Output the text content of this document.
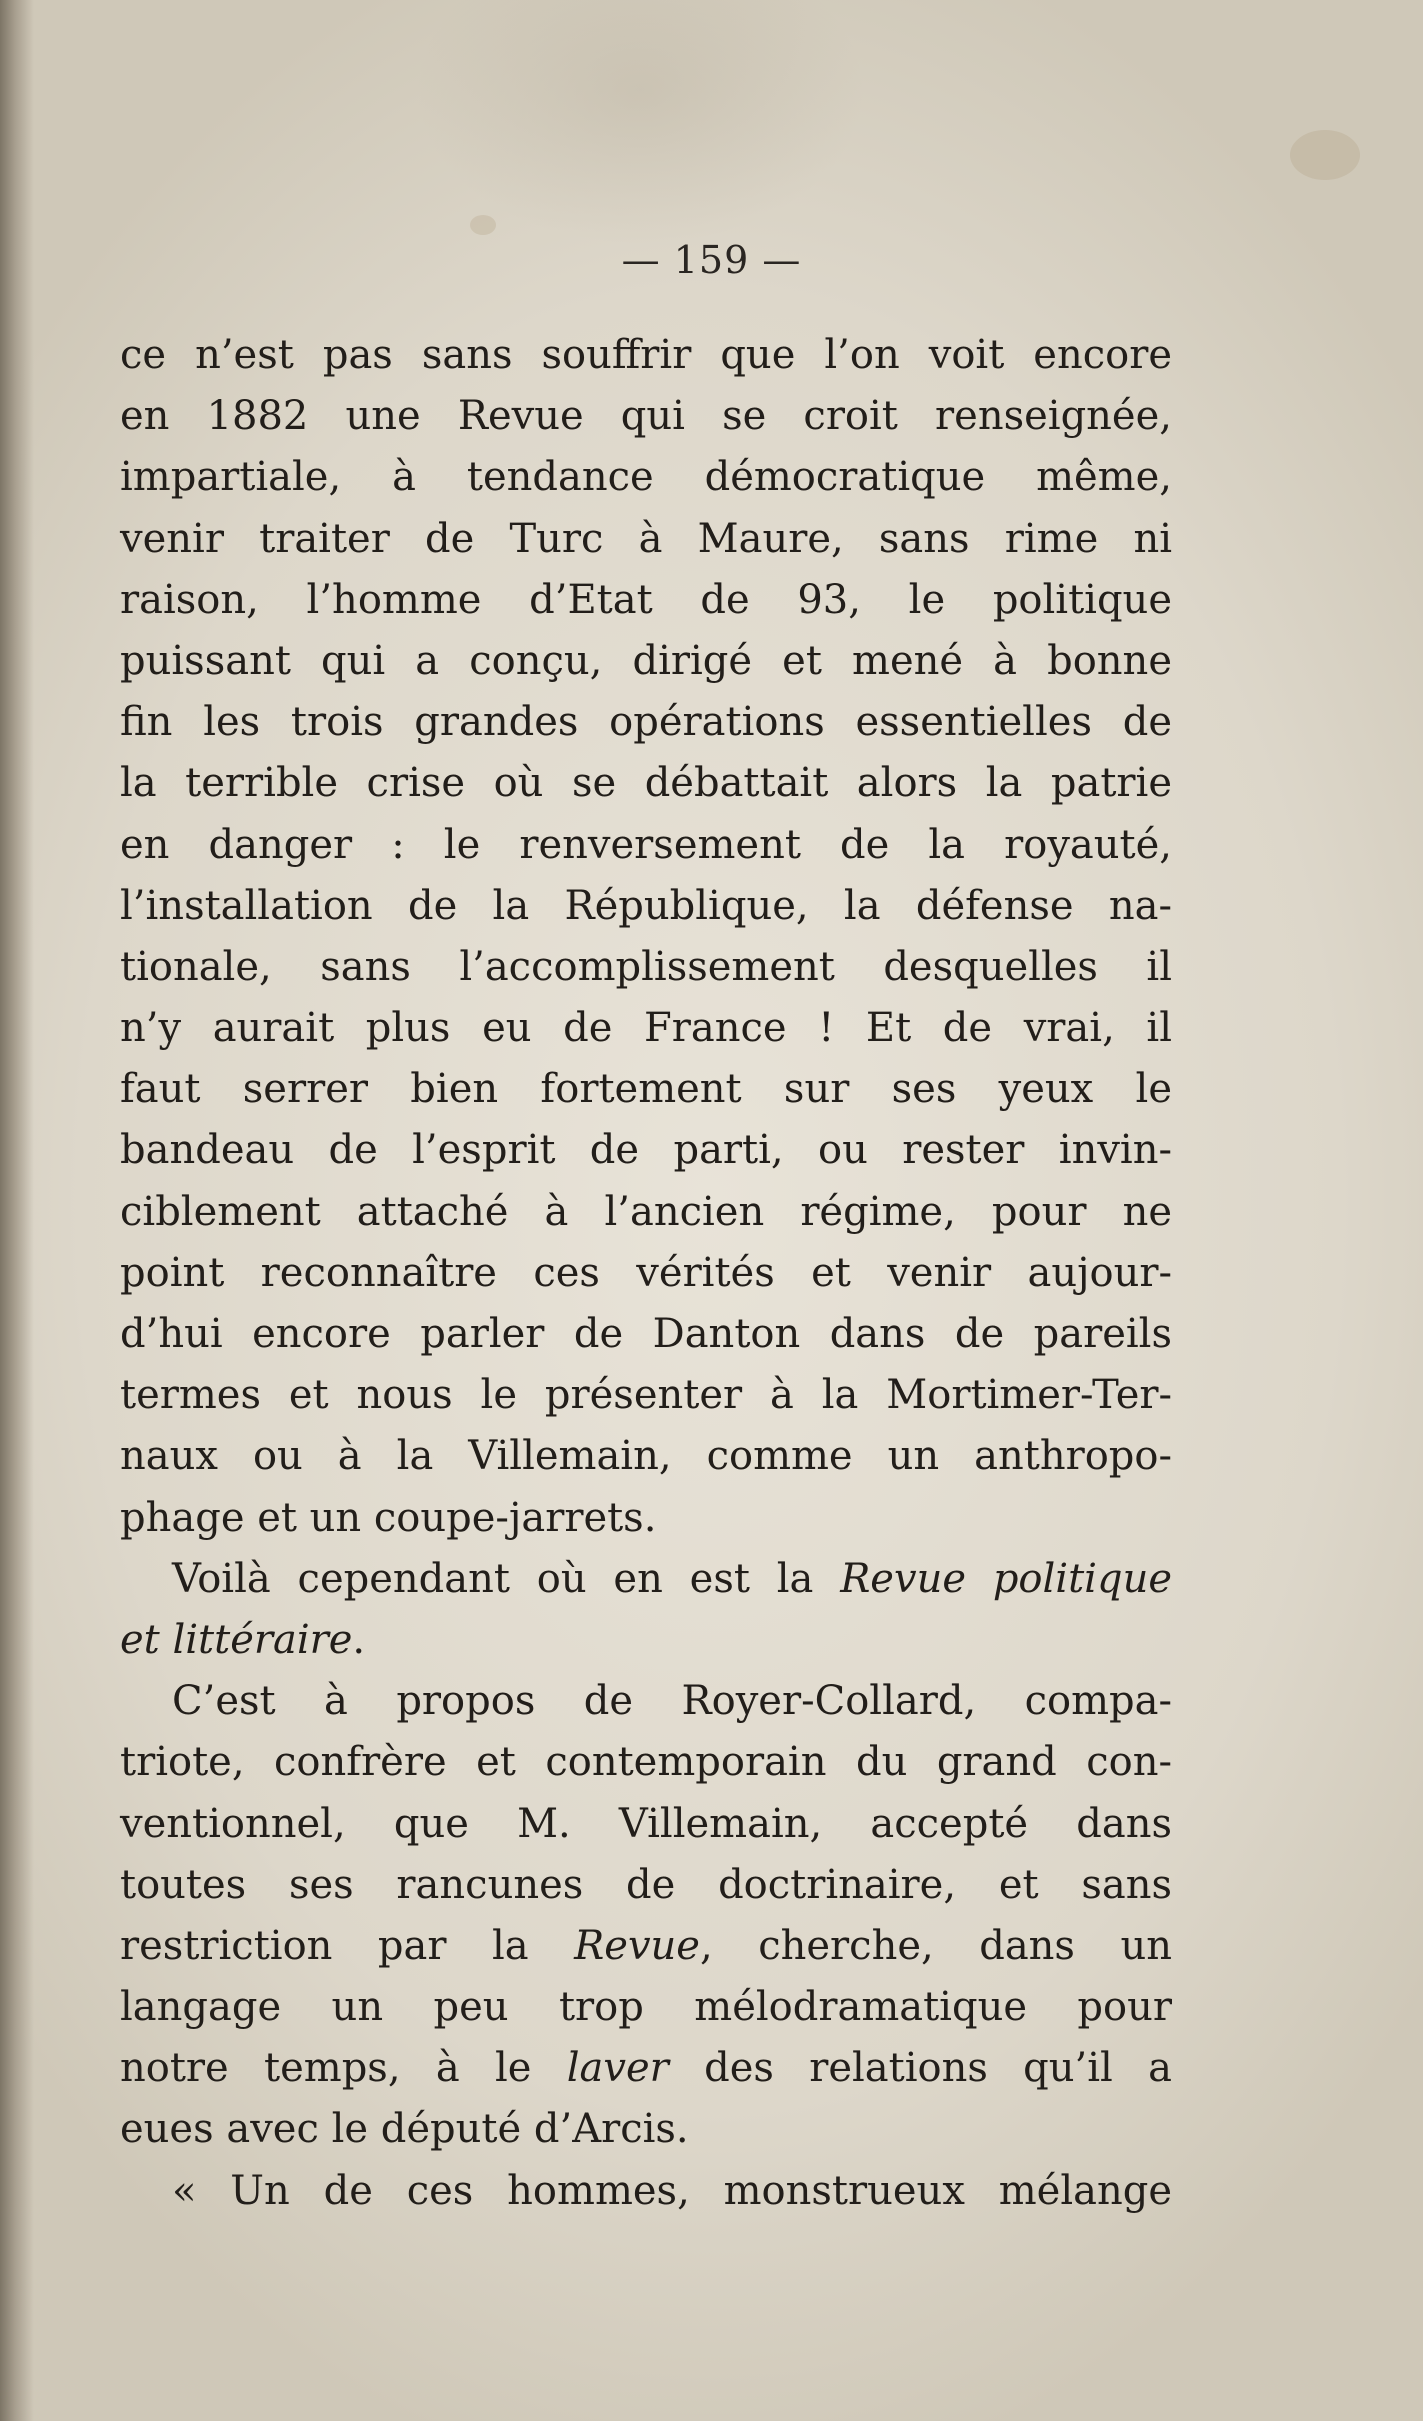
— 159 —
ce n’est pas sans souffrir que l’on voit encore
en 1882 une Revue qui se croit renseignée,
impartiale, à tendance démocratique même,
venir traiter de Turc à Maure, sans rime ni
raison, l’homme d’Etat de 93, le politique
puissant qui a conçu, dirigé et mené à bonne
fin les trois grandes opérations essentielles de
la terrible crise où se débattait alors la patrie
en danger : le renversement de la royauté,
l’installation de la République, la défense na-
tionale, sans l’accomplissement desquelles il
n’y aurait plus eu de France ! Et de vrai, il
faut serrer bien fortement sur ses yeux le
bandeau de l’esprit de parti, ou rester invin-
ciblement attaché à l’ancien régime, pour ne
point reconnaître ces vérités et venir aujour-
d’hui encore parler de Danton dans de pareils
termes et nous le présenter à la Mortimer-Ter-
naux ou à la Villemain, comme un anthropo-
phage et un coupe-jarrets.
Voilà cependant où en est la Revue politique
et littéraire.
C’est à propos de Royer-Collard, compa-
triote, confrère et contemporain du grand con-
ventionnel, que M. Villemain, accepté dans
toutes ses rancunes de doctrinaire, et sans
restriction par la Revue, cherche, dans un
langage un peu trop mélodramatique pour
notre temps, à le laver des relations qu’il a
eues avec le député d’Arcis.
« Un de ces hommes, monstrueux mélange
